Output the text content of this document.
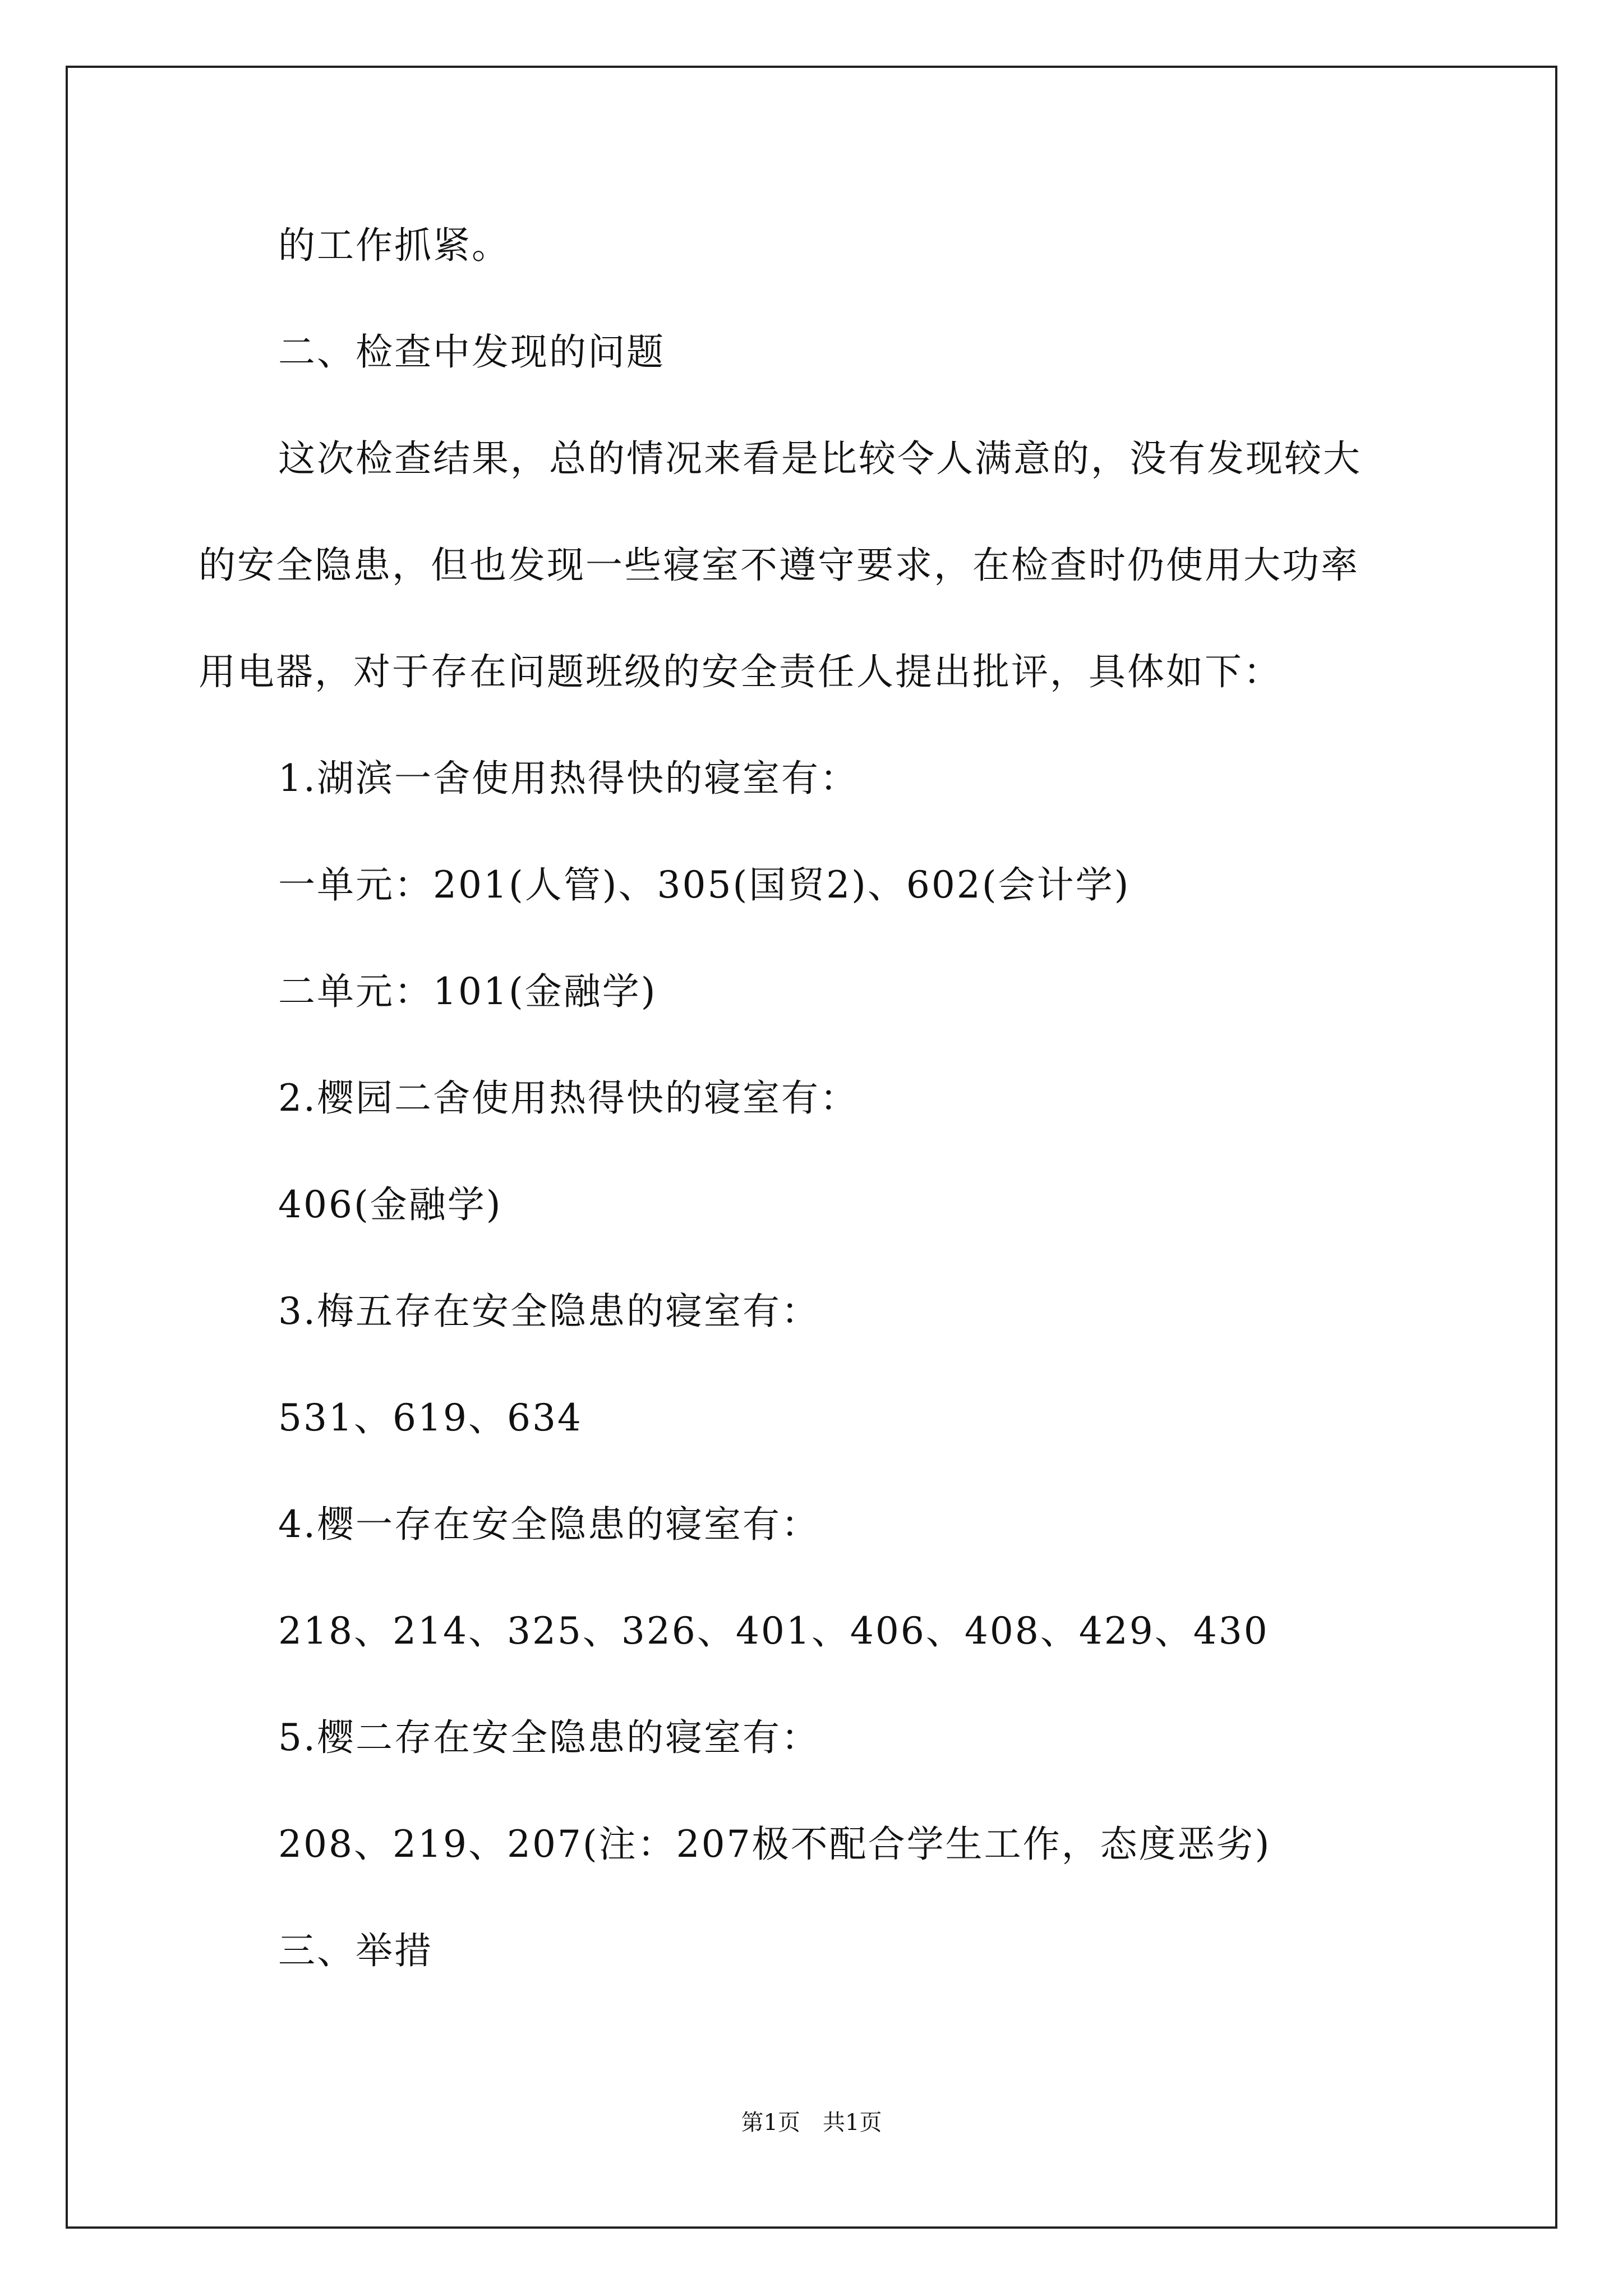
的工作抓紧。
二、检查中发现的问题
这次检查结果，总的情况来看是比较令人满意的，没有发现较大
的安全隐患，但也发现一些寝室不遵守要求，在检查时仍使用大功率
用电器，对于存在问题班级的安全责任人提出批评，具体如下：
1.湖滨一舍使用热得快的寝室有：
一单元：201(人管)、305(国贸2)、602(会计学)
二单元：101(金融学)
2.樱园二舍使用热得快的寝室有：
406(金融学)
3.梅五存在安全隐患的寝室有：
531、619、634
4.樱一存在安全隐患的寝室有：
218、214、325、326、401、406、408、429、430
5.樱二存在安全隐患的寝室有：
208、219、207(注：207极不配合学生工作，态度恶劣)
三、举措
第1页　共1页
